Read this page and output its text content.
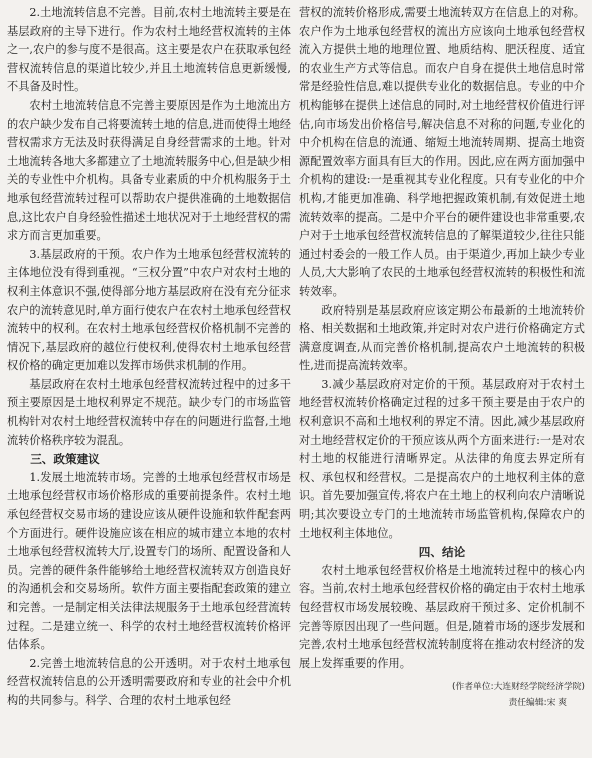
2.土地流转信息不完善。目前,农村土地流转主要是在基层政府的主导下进行。作为农村土地经营权流转的主体之一,农户的参与度不是很高。这主要是农户在获取承包经营权流转信息的渠道比较少,并且土地流转信息更新缓慢,不具备及时性。

农村土地流转信息不完善主要原因是作为土地流出方的农户缺少发布自己将要流转土地的信息,进而使得土地经营权需求方无法及时获得满足自身经营需求的土地。针对土地流转各地大多都建立了土地流转服务中心,但是缺少相关的专业性中介机构。具备专业素质的中介机构服务于土地承包经营流转过程可以帮助农户提供准确的土地数据信息,这比农户自身经验性描述土地状况对于土地经营权的需求方而言更加重要。

3.基层政府的干预。农户作为土地承包经营权流转的主体地位没有得到重视。“三权分置”中农户对农村土地的权利主体意识不强,使得部分地方基层政府在没有充分征求农户的流转意见时,单方面行使农户在农村土地承包经营权流转中的权利。在农村土地承包经营权价格机制不完善的情况下,基层政府的越位行使权利,使得农村土地承包经营权价格的确定更加难以发挥市场供求机制的作用。

基层政府在农村土地承包经营权流转过程中的过多干预主要原因是土地权利界定不规范。缺少专门的市场监管机构针对农村土地经营权流转中存在的问题进行监督,土地流转价格秩序较为混乱。

三、政策建议

1.发展土地流转市场。完善的土地承包经营权市场是土地承包经营权市场价格形成的重要前提条件。农村土地承包经营权交易市场的建设应该从硬件设施和软件配套两个方面进行。硬件设施应该在相应的城市建立本地的农村土地承包经营权流转大厅,设置专门的场所、配置设备和人员。完善的硬件条件能够给土地经营权流转双方创造良好的沟通机会和交易场所。软件方面主要指配套政策的建立和完善。一是制定相关法律法规服务于土地承包经营流转过程。二是建立统一、科学的农村土地经营权流转价格评估体系。

2.完善土地流转信息的公开透明。对于农村土地承包经营权流转信息的公开透明需要政府和专业的社会中介机构的共同参与。科学、合理的农村土地承包经

营权的流转价格形成,需要土地流转双方在信息上的对称。农户作为土地承包经营权的流出方应该向土地承包经营权流入方提供土地的地理位置、地质结构、肥沃程度、适宜的农业生产方式等信息。而农户自身在提供土地信息时常常是经验性信息,难以提供专业化的数据信息。专业的中介机构能够在提供上述信息的同时,对土地经营权价值进行评估,向市场发出价格信号,解决信息不对称的问题,专业化的中介机构在信息的流通、缩短土地流转周期、提高土地资源配置效率方面具有巨大的作用。因此,应在两方面加强中介机构的建设:一是重视其专业化程度。只有专业化的中介机构,才能更加准确、科学地把握政策机制,有效促进土地流转效率的提高。二是中介平台的硬件建设也非常重要,农户对于土地承包经营权流转信息的了解渠道较少,往往只能通过村委会的一般工作人员。由于渠道少,再加上缺少专业人员,大大影响了农民的土地承包经营权流转的积极性和流转效率。

政府特别是基层政府应该定期公布最新的土地流转价格、相关数据和土地政策,并定时对农户进行价格确定方式满意度调查,从而完善价格机制,提高农户土地流转的积极性,进而提高流转效率。

3.减少基层政府对定价的干预。基层政府对于农村土地经营权流转价格确定过程的过多干预主要是由于农户的权利意识不高和土地权利的界定不清。因此,减少基层政府对土地经营权定价的干预应该从两个方面来进行:一是对农村土地的权能进行清晰界定。从法律的角度去界定所有权、承包权和经营权。二是提高农户的土地权利主体的意识。首先要加强宣传,将农户在土地上的权利向农户清晰说明;其次要设立专门的土地流转市场监管机构,保障农户的土地权利主体地位。

四、结论

农村土地承包经营权价格是土地流转过程中的核心内容。当前,农村土地承包经营权价格的确定由于农村土地承包经营权市场发展较晚、基层政府干预过多、定价机制不完善等原因出现了一些问题。但是,随着市场的逐步发展和完善,农村土地承包经营权流转制度将在推动农村经济的发展上发挥重要的作用。

(作者单位:大连财经学院经济学院)
责任编辑:宋 爽
